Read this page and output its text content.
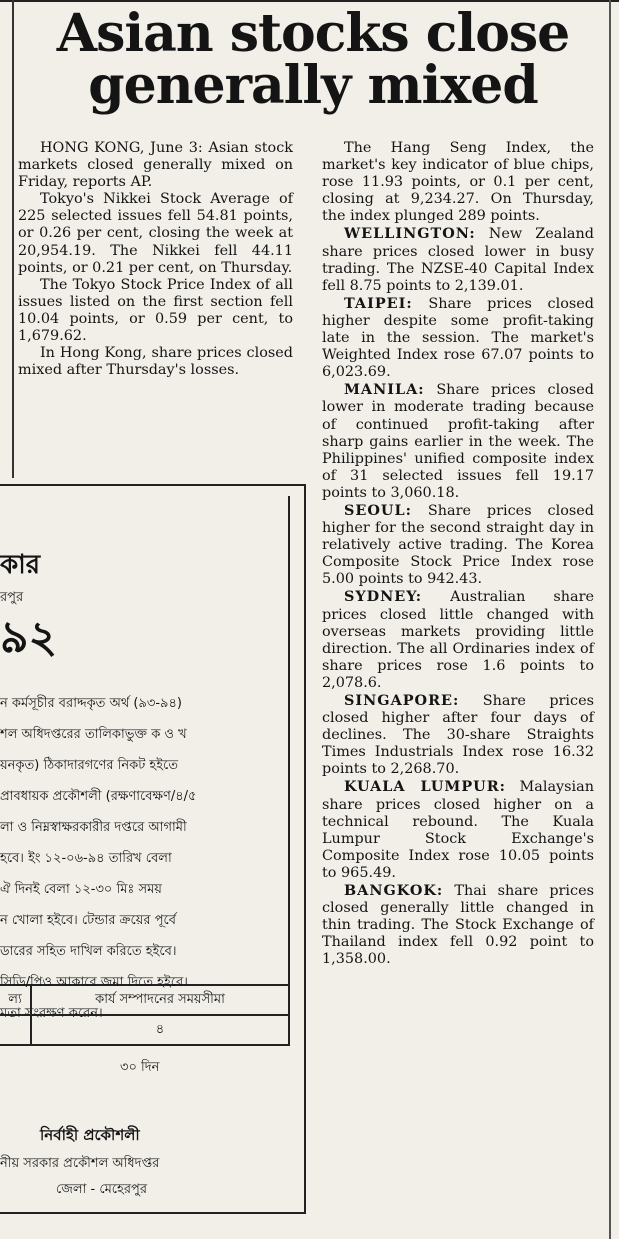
Asian stocks close generally mixed

HONG KONG, June 3: Asian stock markets closed generally mixed on Friday, reports AP.

Tokyo's Nikkei Stock Average of 225 selected issues fell 54.81 points, or 0.26 per cent, closing the week at 20,954.19. The Nikkei fell 44.11 points, or 0.21 per cent, on Thursday.

The Tokyo Stock Price Index of all issues listed on the first section fell 10.04 points, or 0.59 per cent, to 1,679.62.

In Hong Kong, share prices closed mixed after Thursday's losses.

The Hang Seng Index, the market's key indicator of blue chips, rose 11.93 points, or 0.1 per cent, closing at 9,234.27. On Thursday, the index plunged 289 points.

WELLINGTON: New Zealand share prices closed lower in busy trading. The NZSE-40 Capital Index fell 8.75 points to 2,139.01.

TAIPEI: Share prices closed higher despite some profit-taking late in the session. The market's Weighted Index rose 67.07 points to 6,023.69.

MANILA: Share prices closed lower in moderate trading because of continued profit-taking after sharp gains earlier in the week. The Philippines' unified composite index of 31 selected issues fell 19.17 points to 3,060.18.

SEOUL: Share prices closed higher for the second straight day in relatively active trading. The Korea Composite Stock Price Index rose 5.00 points to 942.43.

SYDNEY: Australian share prices closed little changed with overseas markets providing little direction. The all Ordinaries index of share prices rose 1.6 points to 2,078.6.

SINGAPORE: Share prices closed higher after four days of declines. The 30-share Straights Times Industrials Index rose 16.32 points to 2,268.70.

KUALA LUMPUR: Malaysian share prices closed higher on a technical rebound. The Kuala Lumpur Stock Exchange's Composite Index rose 10.05 points to 965.49.

BANGKOK: Thai share prices closed generally little changed in thin trading. The Stock Exchange of Thailand index fell 0.92 point to 1,358.00.

কার
রপুর
৯২
ন কর্মসূচীর বরাদ্দকৃত অর্থ (৯৩-৯৪)
শল অধিদপ্তরের তালিকাভুক্ত ক ও খ
য়নকৃত) ঠিকাদারগণের নিকট হইতে
প্রাবধায়ক প্রকৌশলী (রক্ষণাবেক্ষণ/৪/৫
লা ও নিম্নস্বাক্ষরকারীর দপ্তরে আগামী
হবে। ইং ১২-০৬-৯৪ তারিখ বেলা
ঐ দিনই বেলা ১২-৩০ মিঃ সময়
ন খোলা হইবে। টেন্ডার ক্রয়ের পূর্বে
ডারের সহিত দাখিল করিতে হইবে।
সিডি/পিও আকারে জমা দিতে হইবে।
মতা সংরক্ষণ করেন।
ল্য	কার্য সম্পাদনের সময়সীমা
	৪
৩০ দিন
নির্বাহী প্রকৌশলী
নীয় সরকার প্রকৌশল অধিদপ্তর
জেলা - মেহেরপুর
